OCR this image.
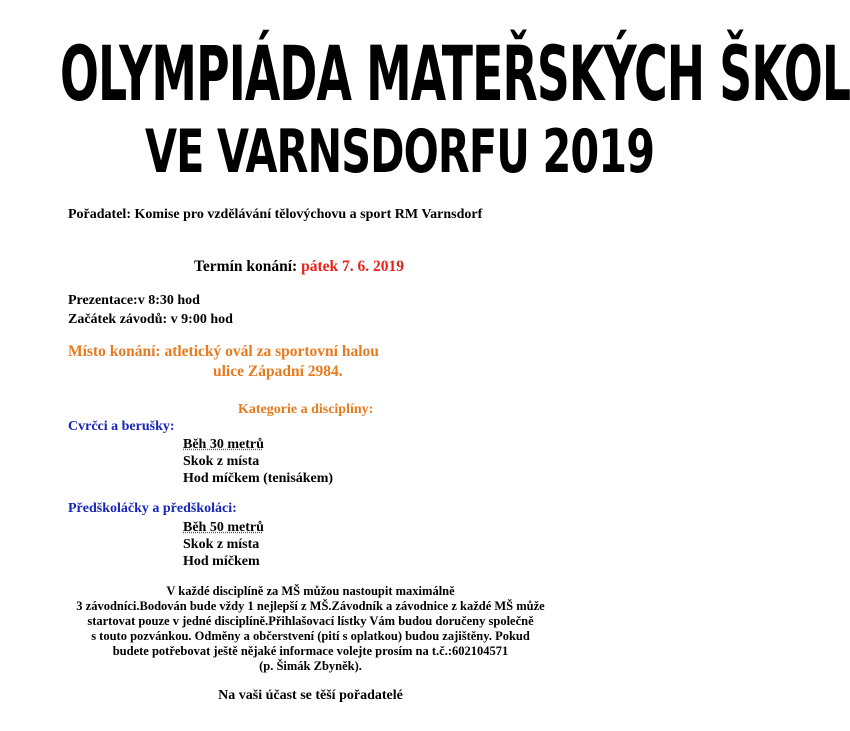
OLYMPIÁDA MATEŘSKÝCH ŠKOL
VE VARNSDORFU 2019
Pořadatel: Komise pro vzdělávání tělovýchovu a sport RM Varnsdorf
Termín konání: pátek 7. 6. 2019
Prezentace:v 8:30 hod
Začátek závodů: v 9:00 hod
Místo konání: atletický ovál za sportovní halou
ulice Západní 2984.
Kategorie a disciplíny:
Cvrčci a berušky:
Běh 30 metrů
Skok z místa
Hod míčkem (tenisákem)
Předškoláčky a předškoláci:
Běh 50 metrů
Skok z místa
Hod míčkem
V každé disciplíně za MŠ můžou nastoupit maximálně
3 závodníci.Bodován bude vždy 1 nejlepší z MŠ.Závodník a závodnice z každé MŠ může
startovat pouze v jedné disciplíně.Přihlašovací lístky Vám budou doručeny společně
s touto pozvánkou. Odměny a občerstvení (pití s oplatkou) budou zajištěny. Pokud
budete potřebovat ještě nějaké informace volejte prosím na t.č.:602104571
(p. Šimák Zbyněk).
Na vaši účast se těší pořadatelé
